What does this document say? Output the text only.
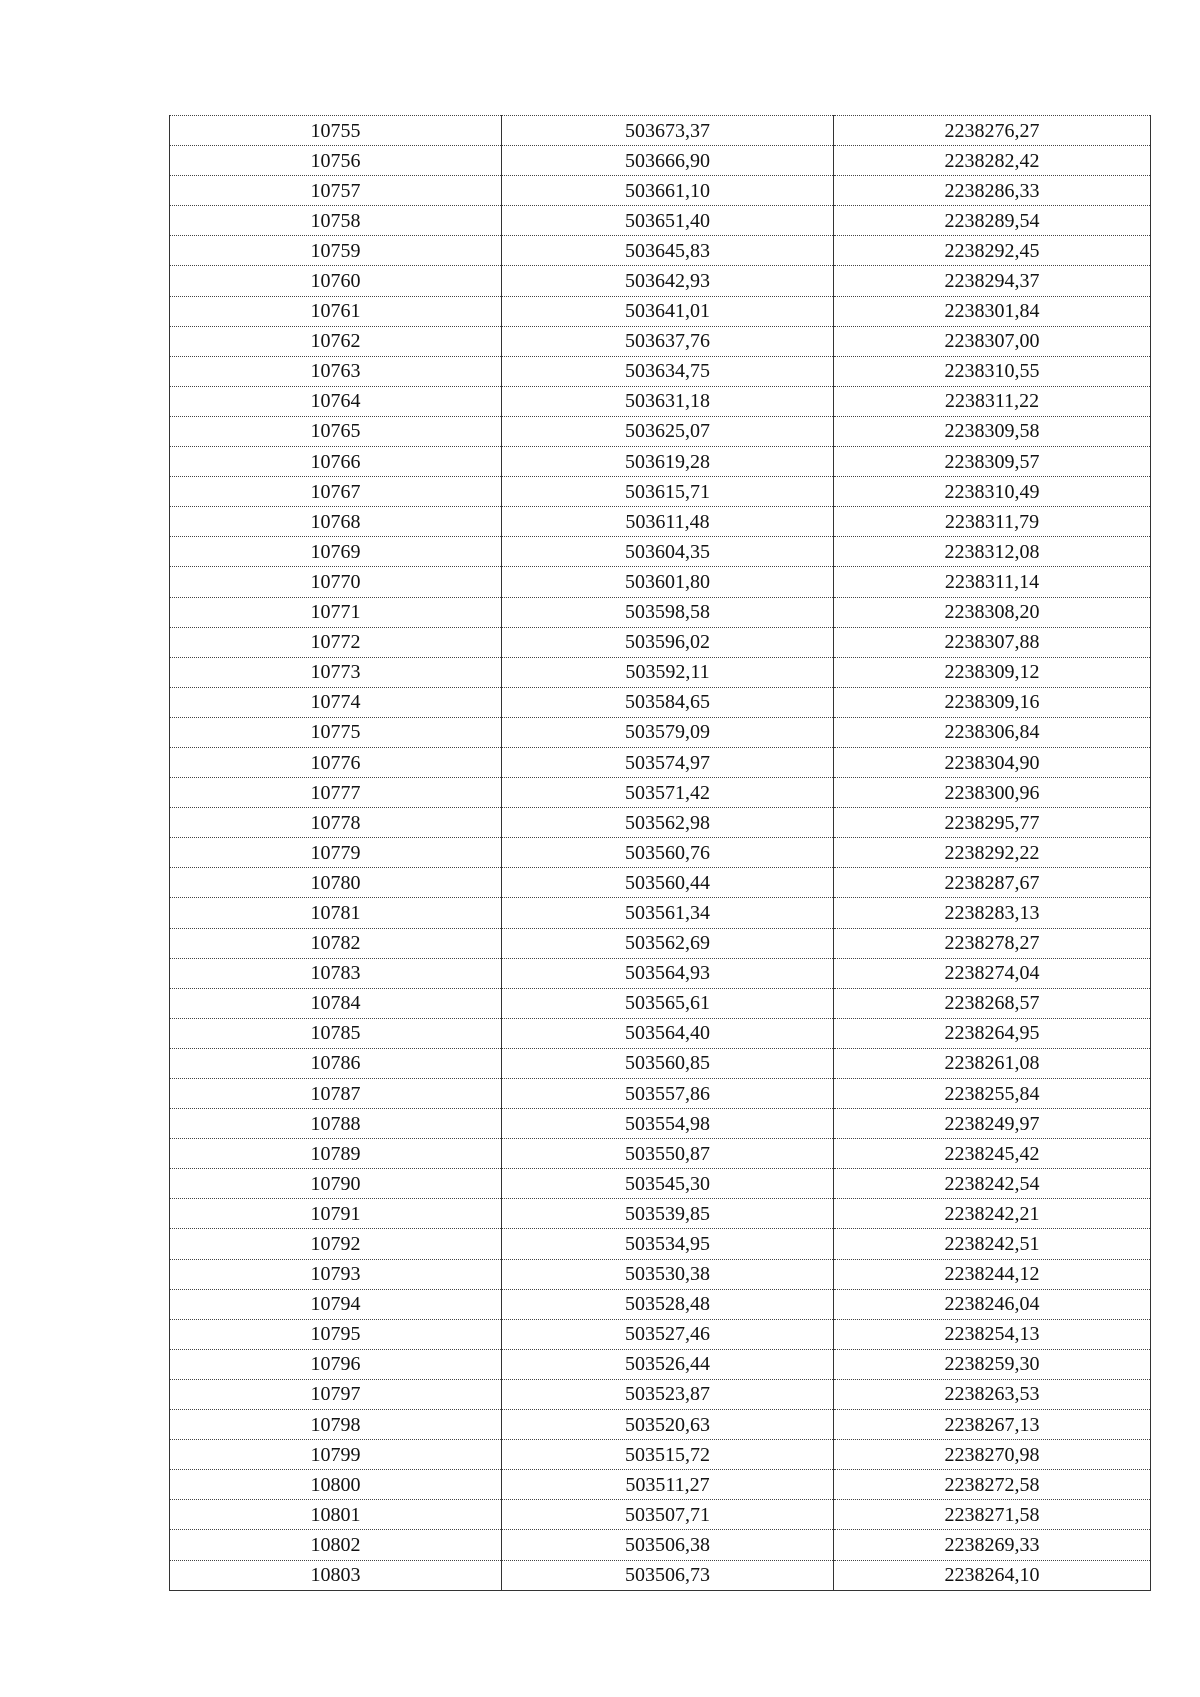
10755	503673,37	2238276,27
10756	503666,90	2238282,42
10757	503661,10	2238286,33
10758	503651,40	2238289,54
10759	503645,83	2238292,45
10760	503642,93	2238294,37
10761	503641,01	2238301,84
10762	503637,76	2238307,00
10763	503634,75	2238310,55
10764	503631,18	2238311,22
10765	503625,07	2238309,58
10766	503619,28	2238309,57
10767	503615,71	2238310,49
10768	503611,48	2238311,79
10769	503604,35	2238312,08
10770	503601,80	2238311,14
10771	503598,58	2238308,20
10772	503596,02	2238307,88
10773	503592,11	2238309,12
10774	503584,65	2238309,16
10775	503579,09	2238306,84
10776	503574,97	2238304,90
10777	503571,42	2238300,96
10778	503562,98	2238295,77
10779	503560,76	2238292,22
10780	503560,44	2238287,67
10781	503561,34	2238283,13
10782	503562,69	2238278,27
10783	503564,93	2238274,04
10784	503565,61	2238268,57
10785	503564,40	2238264,95
10786	503560,85	2238261,08
10787	503557,86	2238255,84
10788	503554,98	2238249,97
10789	503550,87	2238245,42
10790	503545,30	2238242,54
10791	503539,85	2238242,21
10792	503534,95	2238242,51
10793	503530,38	2238244,12
10794	503528,48	2238246,04
10795	503527,46	2238254,13
10796	503526,44	2238259,30
10797	503523,87	2238263,53
10798	503520,63	2238267,13
10799	503515,72	2238270,98
10800	503511,27	2238272,58
10801	503507,71	2238271,58
10802	503506,38	2238269,33
10803	503506,73	2238264,10
